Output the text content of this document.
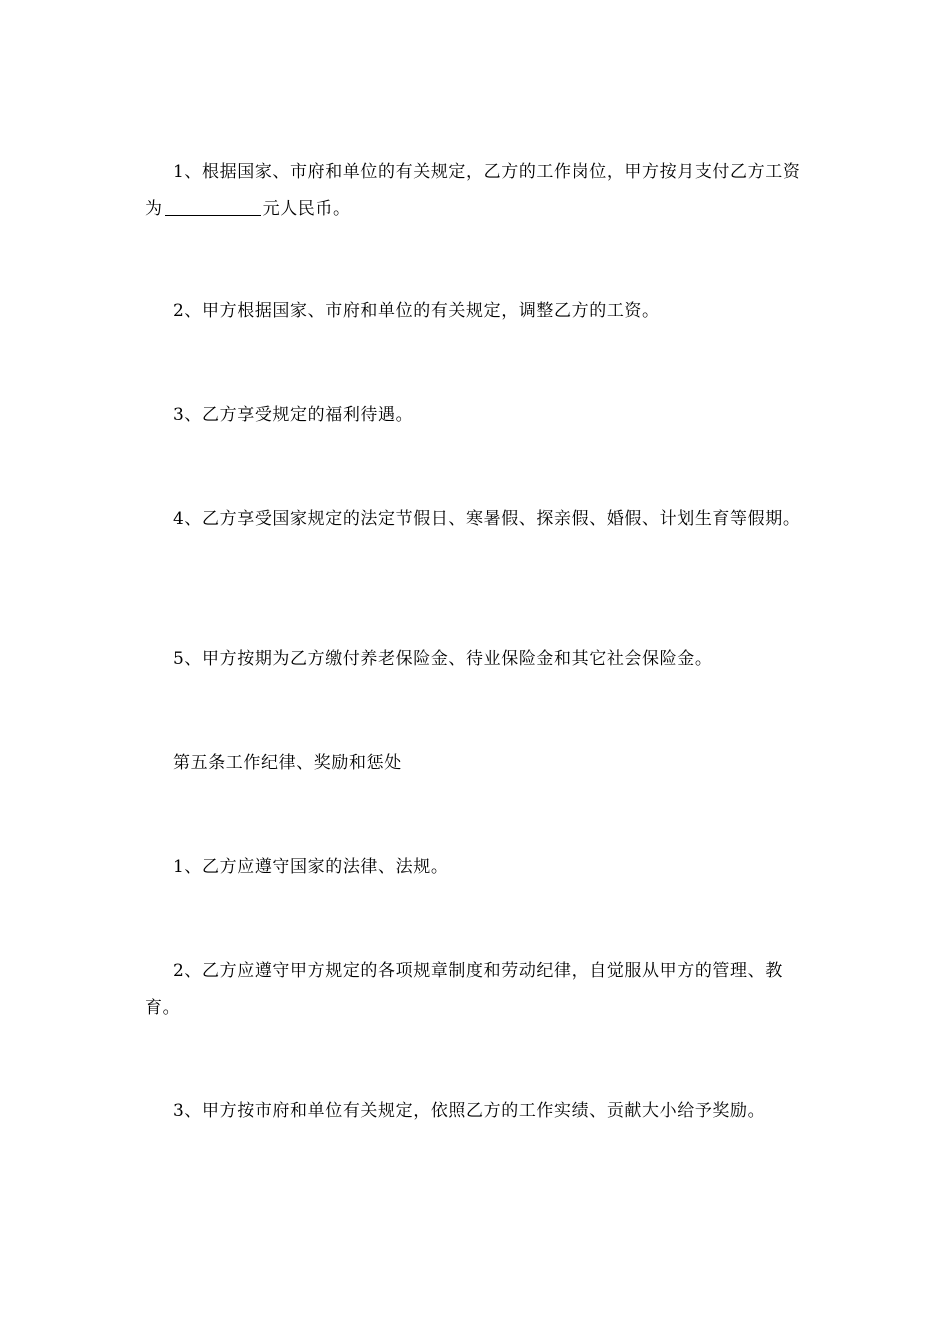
1、根据国家、市府和单位的有关规定，乙方的工作岗位，甲方按月支付乙方工资为	元人民币。

2、甲方根据国家、市府和单位的有关规定，调整乙方的工资。

3、乙方享受规定的福利待遇。

4、乙方享受国家规定的法定节假日、寒暑假、探亲假、婚假、计划生育等假期。

5、甲方按期为乙方缴付养老保险金、待业保险金和其它社会保险金。

第五条工作纪律、奖励和惩处

1、乙方应遵守国家的法律、法规。

2、乙方应遵守甲方规定的各项规章制度和劳动纪律，自觉服从甲方的管理、教育。

3、甲方按市府和单位有关规定，依照乙方的工作实绩、贡献大小给予奖励。
